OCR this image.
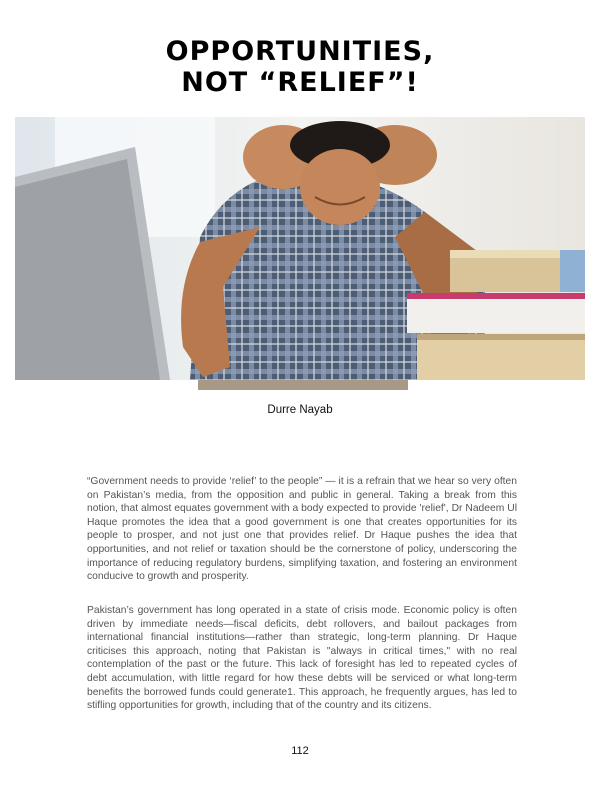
OPPORTUNITIES,
NOT “RELIEF”!
Durre Nayab

“Government needs to provide ‘relief’ to the people” — it is a refrain that we hear so very often on Pakistan’s media, from the opposition and public in general. Taking a break from this notion, that almost equates government with a body expected to provide 'relief', Dr Nadeem Ul Haque promotes the idea that a good government is one that creates opportunities for its people to prosper, and not just one that provides relief. Dr Haque pushes the idea that opportunities, and not relief or taxation should be the cornerstone of policy, underscoring the importance of reducing regulatory burdens, simplifying taxation, and fostering an environment conducive to growth and prosperity.

Pakistan’s government has long operated in a state of crisis mode. Economic policy is often driven by immediate needs—fiscal deficits, debt rollovers, and bailout packages from international financial institutions—rather than strategic, long-term planning. Dr Haque criticises this approach, noting that Pakistan is "always in critical times," with no real contemplation of the past or the future. This lack of foresight has led to repeated cycles of debt accumulation, with little regard for how these debts will be serviced or what long-term benefits the borrowed funds could generate1. This approach, he frequently argues, has led to stifling opportunities for growth, including that of the country and its citizens.

112
